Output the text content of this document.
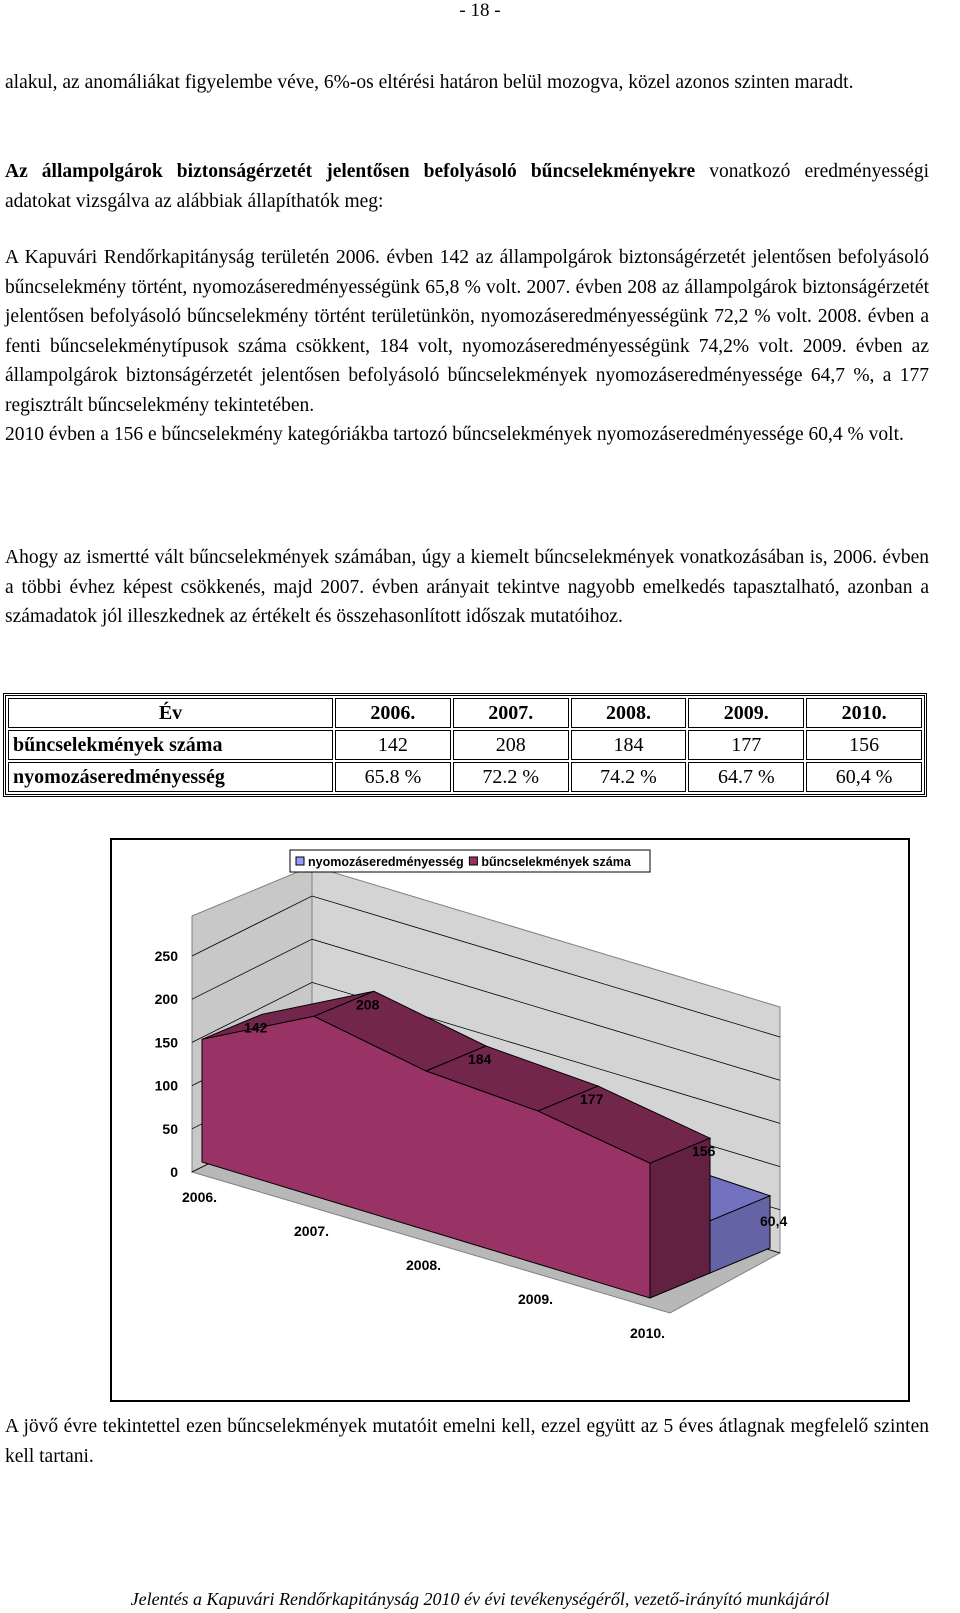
- 18 -

alakul, az anomáliákat figyelembe véve, 6%-os eltérési határon belül mozogva, közel azonos szinten maradt.

Az állampolgárok biztonságérzetét jelentősen befolyásoló bűncselekményekre vonatkozó eredményességi adatokat vizsgálva az alábbiak állapíthatók meg:

A Kapuvári Rendőrkapitányság területén 2006. évben 142 az állampolgárok biztonságérzetét jelentősen befolyásoló bűncselekmény történt, nyomozáseredményességünk 65,8 % volt. 2007. évben 208 az állampolgárok biztonságérzetét jelentősen befolyásoló bűncselekmény történt területünkön, nyomozáseredményességünk 72,2 % volt. 2008. évben a fenti bűncselekménytípusok száma csökkent, 184 volt, nyomozáseredményességünk 74,2% volt. 2009. évben az állampolgárok biztonságérzetét jelentősen befolyásoló bűncselekmények nyomozáseredményessége 64,7 %, a 177 regisztrált bűncselekmény tekintetében.
2010 évben a 156 e bűncselekmény kategóriákba tartozó bűncselekmények nyomozáseredményessége 60,4 % volt.

Ahogy az ismertté vált bűncselekmények számában, úgy a kiemelt bűncselekmények vonatkozásában is, 2006. évben a többi évhez képest csökkenés, majd 2007. évben arányait tekintve nagyobb emelkedés tapasztalható, azonban a számadatok jól illeszkednek az értékelt és összehasonlított időszak mutatóihoz.

Év	2006.	2007.	2008.	2009.	2010.
bűncselekmények száma	142	208	184	177	156
nyomozáseredményesség	65.8 %	72.2 %	74.2 %	64.7 %	60,4 %
0
50
100
150
200
250
60,4
142
208
184
177
156
2006.
2007.
2008.
2009.
2010.
nyomozáseredményesség bűncselekmények száma

A jövő évre tekintettel ezen bűncselekmények mutatóit emelni kell, ezzel együtt az 5 éves átlagnak megfelelő szinten kell tartani.

Jelentés a Kapuvári Rendőrkapitányság 2010 év évi tevékenységéről, vezető-irányító munkájáról
